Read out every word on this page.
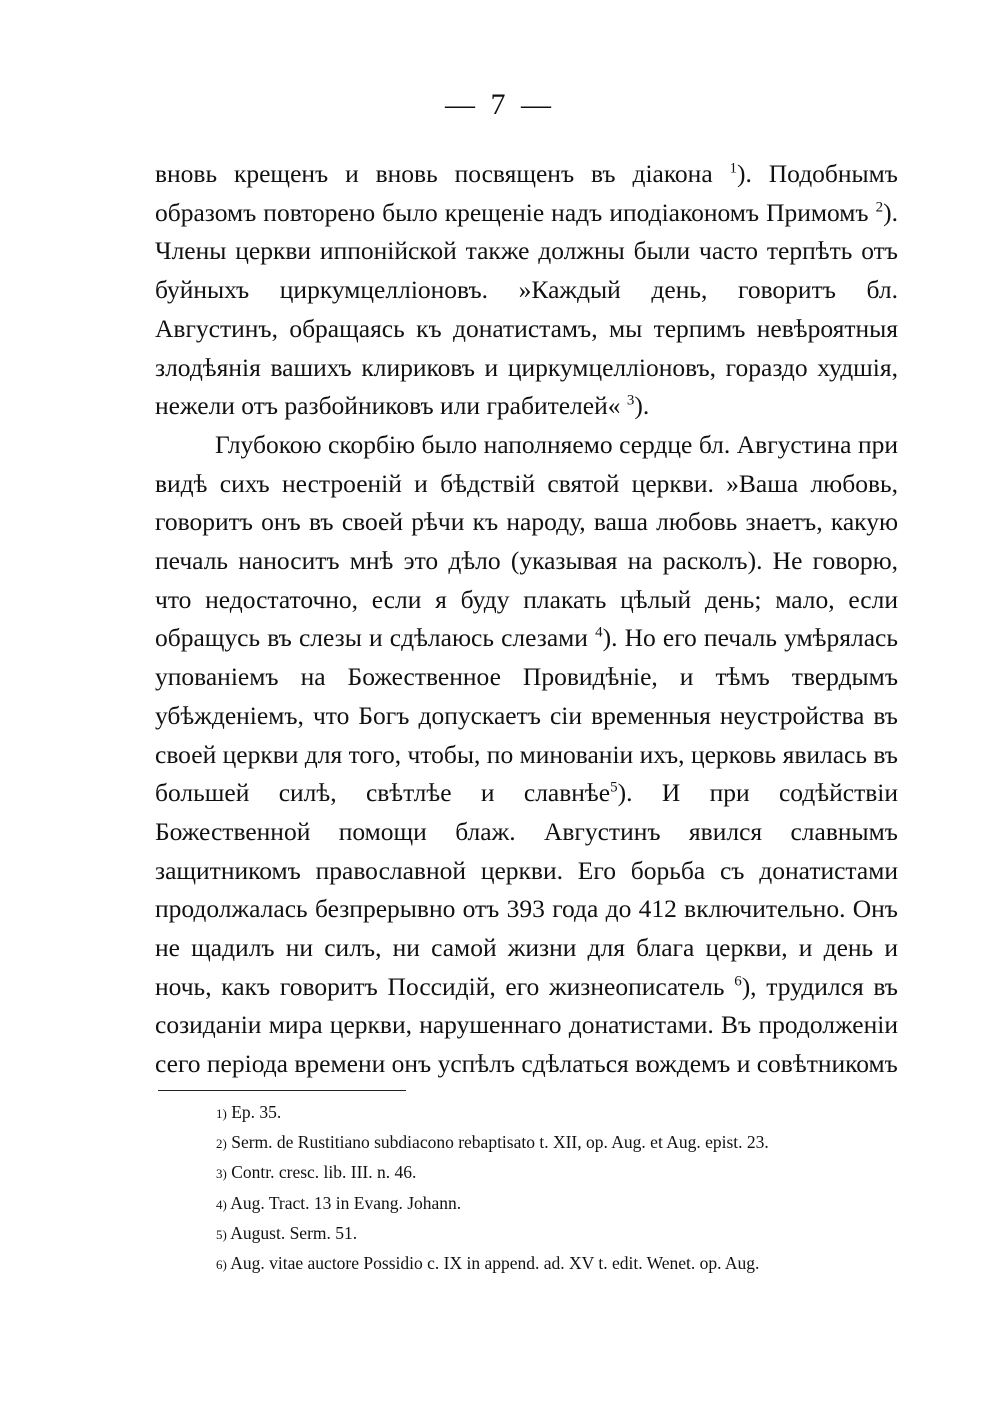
— 7 —

вновь крещенъ и вновь посвященъ въ діакона $^1$). Подобнымъ образомъ повторено было крещеніе надъ иподіакономъ Примомъ $^2$). Члены церкви иппонійской также должны были часто терпѣть отъ буйныхъ циркумцелліоновъ. »Каждый день, говоритъ бл. Августинъ, обращаясь къ донатистамъ, мы терпимъ невѣроятныя злодѣянія вашихъ клириковъ и циркумцелліоновъ, гораздо худшія, нежели отъ разбойниковъ или грабителей« $^3$).

Глубокою скорбію было наполняемо сердце бл. Августина при видѣ сихъ нестроеній и бѣдствій святой церкви. »Ваша любовь, говоритъ онъ въ своей рѣчи къ народу, ваша любовь знаетъ, какую печаль наноситъ мнѣ это дѣло (указывая на расколъ). Не говорю, что недостаточно, если я буду плакать цѣлый день; мало, если обращусь въ слезы и сдѣлаюсь слезами $^4$). Но его печаль умѣрялась упованіемъ на Божественное Провидѣніе, и тѣмъ твердымъ убѣжденіемъ, что Богъ допускаетъ сіи временныя неустройства въ своей церкви для того, чтобы, по минованіи ихъ, церковь явилась въ большей силѣ, свѣтлѣе и славнѣе$^5$). И при содѣйствіи Божественной помощи блаж. Августинъ явился славнымъ защитникомъ православной церкви. Его борьба съ донатистами продолжалась безпрерывно отъ 393 года до 412 включительно. Онъ не щадилъ ни силъ, ни самой жизни для блага церкви, и день и ночь, какъ говоритъ Поссидій, его жизнеописатель $^6$), трудился въ созиданіи мира церкви, нарушеннаго донатистами. Въ продолженіи сего періода времени онъ успѣлъ сдѣлаться вождемъ и совѣтникомъ

1) Ep. 35.

2) Serm. de Rustitiano subdiacono rebaptisato t. XII, op. Aug. et Aug. epist. 23.

3) Contr. cresc. lib. III. n. 46.

4) Aug. Tract. 13 in Evang. Johann.

5) August. Serm. 51.

6) Aug. vitae auctore Possidio c. IX in append. ad. XV t. edit. Wenet. op. Aug.
